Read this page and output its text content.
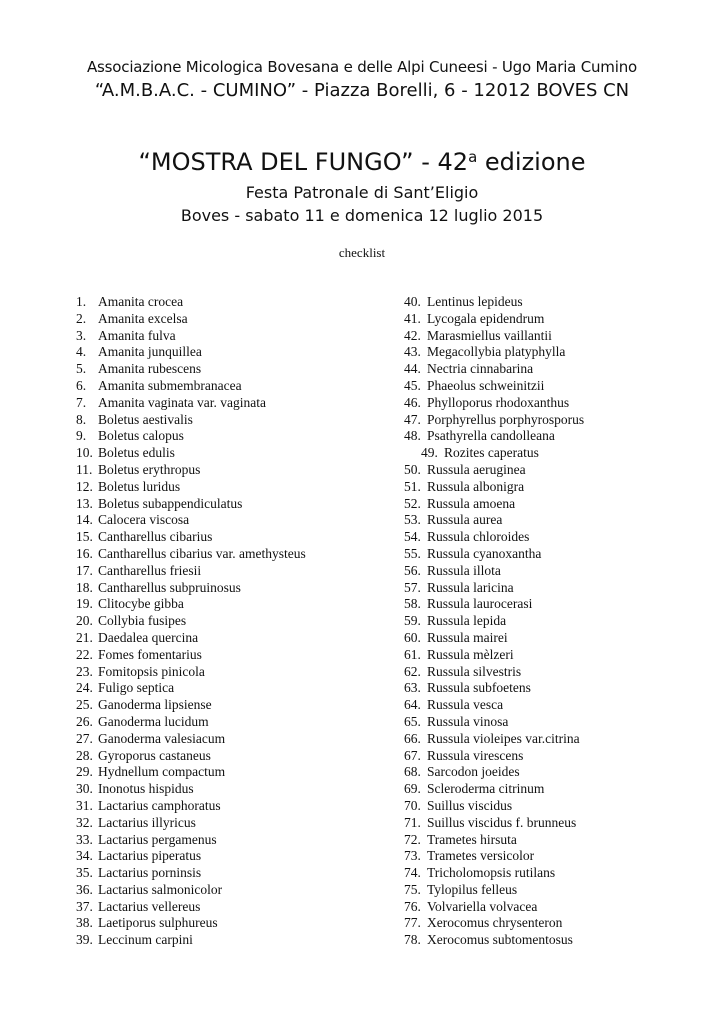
Associazione Micologica Bovesana e delle Alpi Cuneesi - Ugo Maria Cumino
“A.M.B.A.C. - CUMINO” - Piazza Borelli, 6 - 12012 BOVES CN
“MOSTRA DEL FUNGO” - 42$^a$ edizione
Festa Patronale di Sant’Eligio
Boves - sabato 11 e domenica 12 luglio 2015
checklist
1. Amanita crocea
2. Amanita excelsa
3. Amanita fulva
4. Amanita junquillea
5. Amanita rubescens
6. Amanita submembranacea
7. Amanita vaginata var. vaginata
8. Boletus aestivalis
9. Boletus calopus
10. Boletus edulis
11. Boletus erythropus
12. Boletus luridus
13. Boletus subappendiculatus
14. Calocera viscosa
15. Cantharellus cibarius
16. Cantharellus cibarius var. amethysteus
17. Cantharellus friesii
18. Cantharellus subpruinosus
19. Clitocybe gibba
20. Collybia fusipes
21. Daedalea quercina
22. Fomes fomentarius
23. Fomitopsis pinicola
24. Fuligo septica
25. Ganoderma lipsiense
26. Ganoderma lucidum
27. Ganoderma valesiacum
28. Gyroporus castaneus
29. Hydnellum compactum
30. Inonotus hispidus
31. Lactarius camphoratus
32. Lactarius illyricus
33. Lactarius pergamenus
34. Lactarius piperatus
35. Lactarius porninsis
36. Lactarius salmonicolor
37. Lactarius vellereus
38. Laetiporus sulphureus
39. Leccinum carpini
40. Lentinus lepideus
41. Lycogala epidendrum
42. Marasmiellus vaillantii
43. Megacollybia platyphylla
44. Nectria cinnabarina
45. Phaeolus schweinitzii
46. Phylloporus rhodoxanthus
47. Porphyrellus porphyrosporus
48. Psathyrella candolleana
49. Rozites caperatus
50. Russula aeruginea
51. Russula albonigra
52. Russula amoena
53. Russula aurea
54. Russula chloroides
55. Russula cyanoxantha
56. Russula illota
57. Russula laricina
58. Russula laurocerasi
59. Russula lepida
60. Russula mairei
61. Russula mèlzeri
62. Russula silvestris
63. Russula subfoetens
64. Russula vesca
65. Russula vinosa
66. Russula violeipes var.citrina
67. Russula virescens
68. Sarcodon joeides
69. Scleroderma citrinum
70. Suillus viscidus
71. Suillus viscidus f. brunneus
72. Trametes hirsuta
73. Trametes versicolor
74. Tricholomopsis rutilans
75. Tylopilus felleus
76. Volvariella volvacea
77. Xerocomus chrysenteron
78. Xerocomus subtomentosus
